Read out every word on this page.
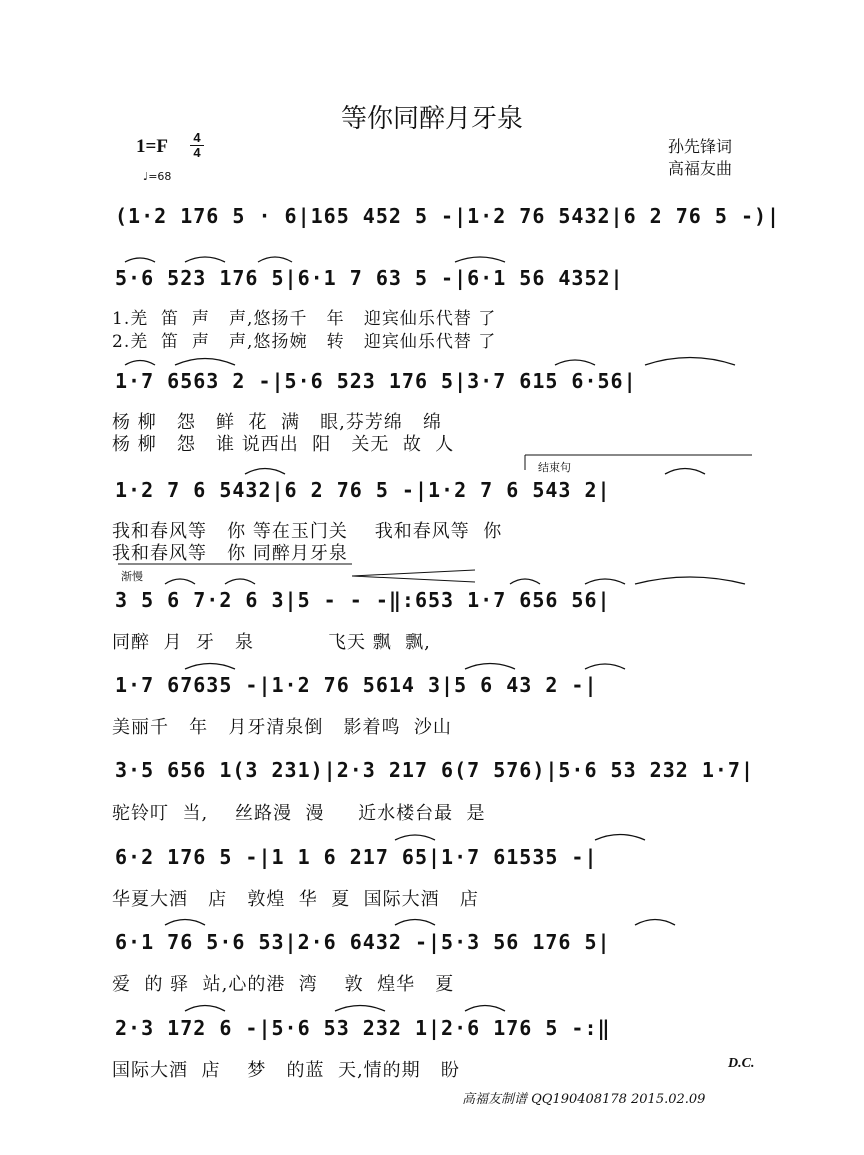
等你同醉月牙泉
1=F 4
4
♩=68
孙先锋词
高福友曲
(1·2 176 5 · 6|165 452 5 -|1·2 76 5432|6 2 76 5 -)|
5·6 523 176 5|6·1 7 63 5 -|6·1 56 4352|
1.羌  笛  声   声,悠扬千   年   迎宾仙乐代替 了
2.羌  笛  声   声,悠扬婉   转   迎宾仙乐代替 了
1·7 6563 2 -|5·6 523 176 5|3·7 615 6·56|
杨 柳   怨   鲜  花  满   眼,芬芳绵   绵
杨 柳   怨   谁 说西出  阳   关无  故  人
1·2 7 6 5432|6 2 76 5 -|1·2 7 6 543 2|
我和春风等   你 等在玉门关    我和春风等  你
我和春风等   你 同醉月牙泉
结束句
渐慢
3 5 6 7·2 6 3|5 - - -‖:653 1·7 656 56|
同醉  月  牙   泉           飞天 飘  飘,
1·7 67635 -|1·2 76 5614 3|5 6 43 2 -|
美丽千   年   月牙清泉倒   影着鸣  沙山
3·5 656 1(3 231)|2·3 217 6(7 576)|5·6 53 232 1·7|
驼铃叮  当,    丝路漫  漫     近水楼台最  是
6·2 176 5 -|1 1 6 217 65|1·7 61535 -|
华夏大酒   店   敦煌  华  夏  国际大酒   店
6·1 76 5·6 53|2·6 6432 -|5·3 56 176 5|
爱  的 驿  站,心的港  湾    敦  煌华   夏
2·3 172 6 -|5·6 53 232 1|2·6 176 5 -:‖
国际大酒  店    梦   的蓝  天,情的期   盼	D.C.
高福友制谱 QQ190408178 2015.02.09
